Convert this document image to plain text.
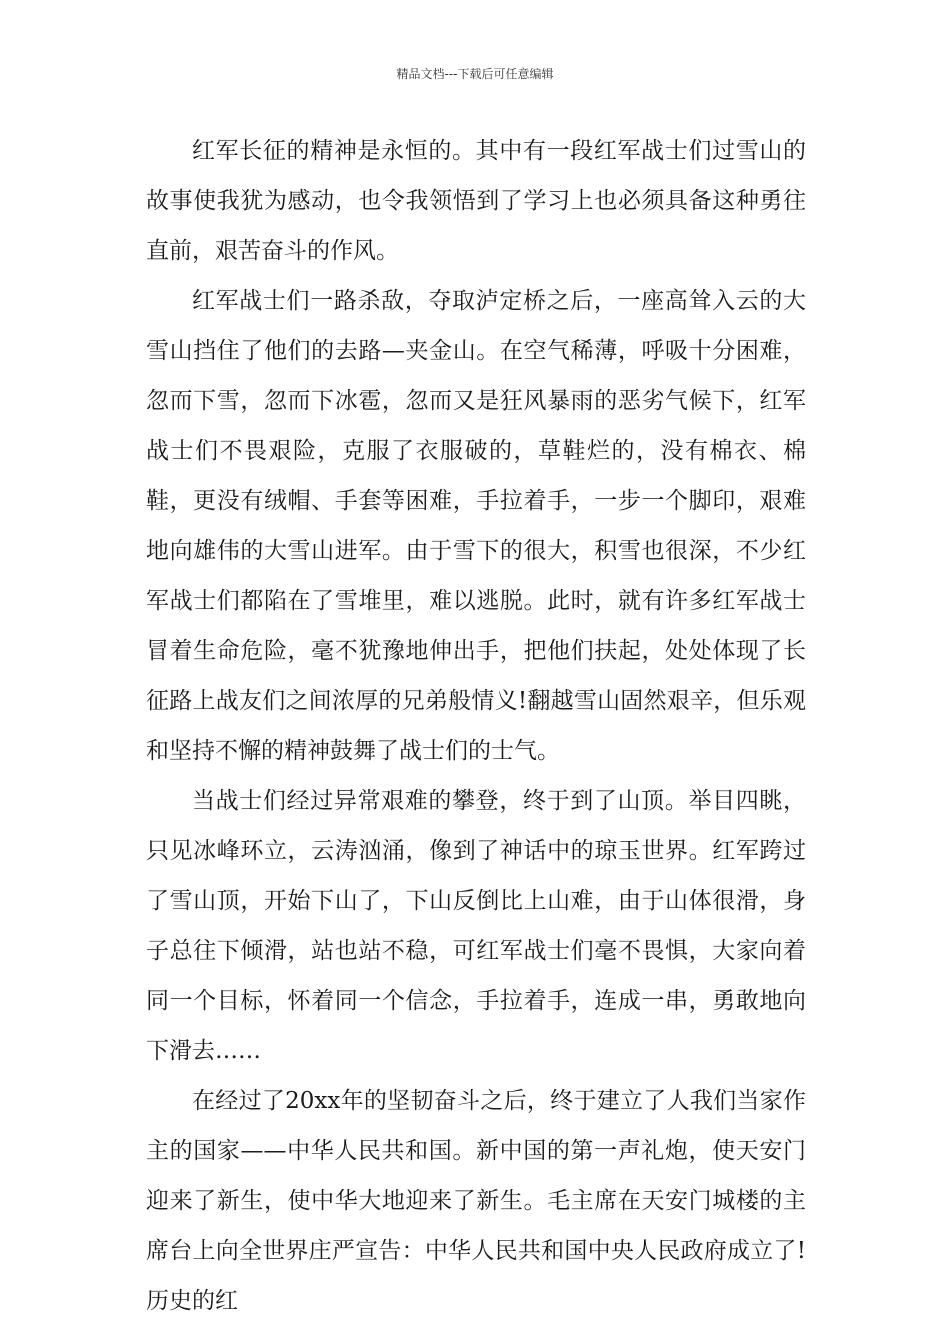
精品文档---下载后可任意编辑

红军长征的精神是永恒的。其中有一段红军战士们过雪山的故事使我犹为感动，也令我领悟到了学习上也必须具备这种勇往直前，艰苦奋斗的作风。

红军战士们一路杀敌，夺取泸定桥之后，一座高耸入云的大雪山挡住了他们的去路—夹金山。在空气稀薄，呼吸十分困难，忽而下雪，忽而下冰雹，忽而又是狂风暴雨的恶劣气候下，红军战士们不畏艰险，克服了衣服破的，草鞋烂的，没有棉衣、棉鞋，更没有绒帽、手套等困难，手拉着手，一步一个脚印，艰难地向雄伟的大雪山进军。由于雪下的很大，积雪也很深，不少红军战士们都陷在了雪堆里，难以逃脱。此时，就有许多红军战士冒着生命危险，毫不犹豫地伸出手，把他们扶起，处处体现了长征路上战友们之间浓厚的兄弟般情义!翻越雪山固然艰辛，但乐观和坚持不懈的精神鼓舞了战士们的士气。

当战士们经过异常艰难的攀登，终于到了山顶。举目四眺，只见冰峰环立，云涛汹涌，像到了神话中的琼玉世界。红军跨过了雪山顶，开始下山了，下山反倒比上山难，由于山体很滑，身子总往下倾滑，站也站不稳，可红军战士们毫不畏惧，大家向着同一个目标，怀着同一个信念，手拉着手，连成一串，勇敢地向下滑去……

在经过了20xx年的坚韧奋斗之后，终于建立了人我们当家作主的国家——中华人民共和国。新中国的第一声礼炮，使天安门迎来了新生，使中华大地迎来了新生。毛主席在天安门城楼的主席台上向全世界庄严宣告：中华人民共和国中央人民政府成立了!历史的红
